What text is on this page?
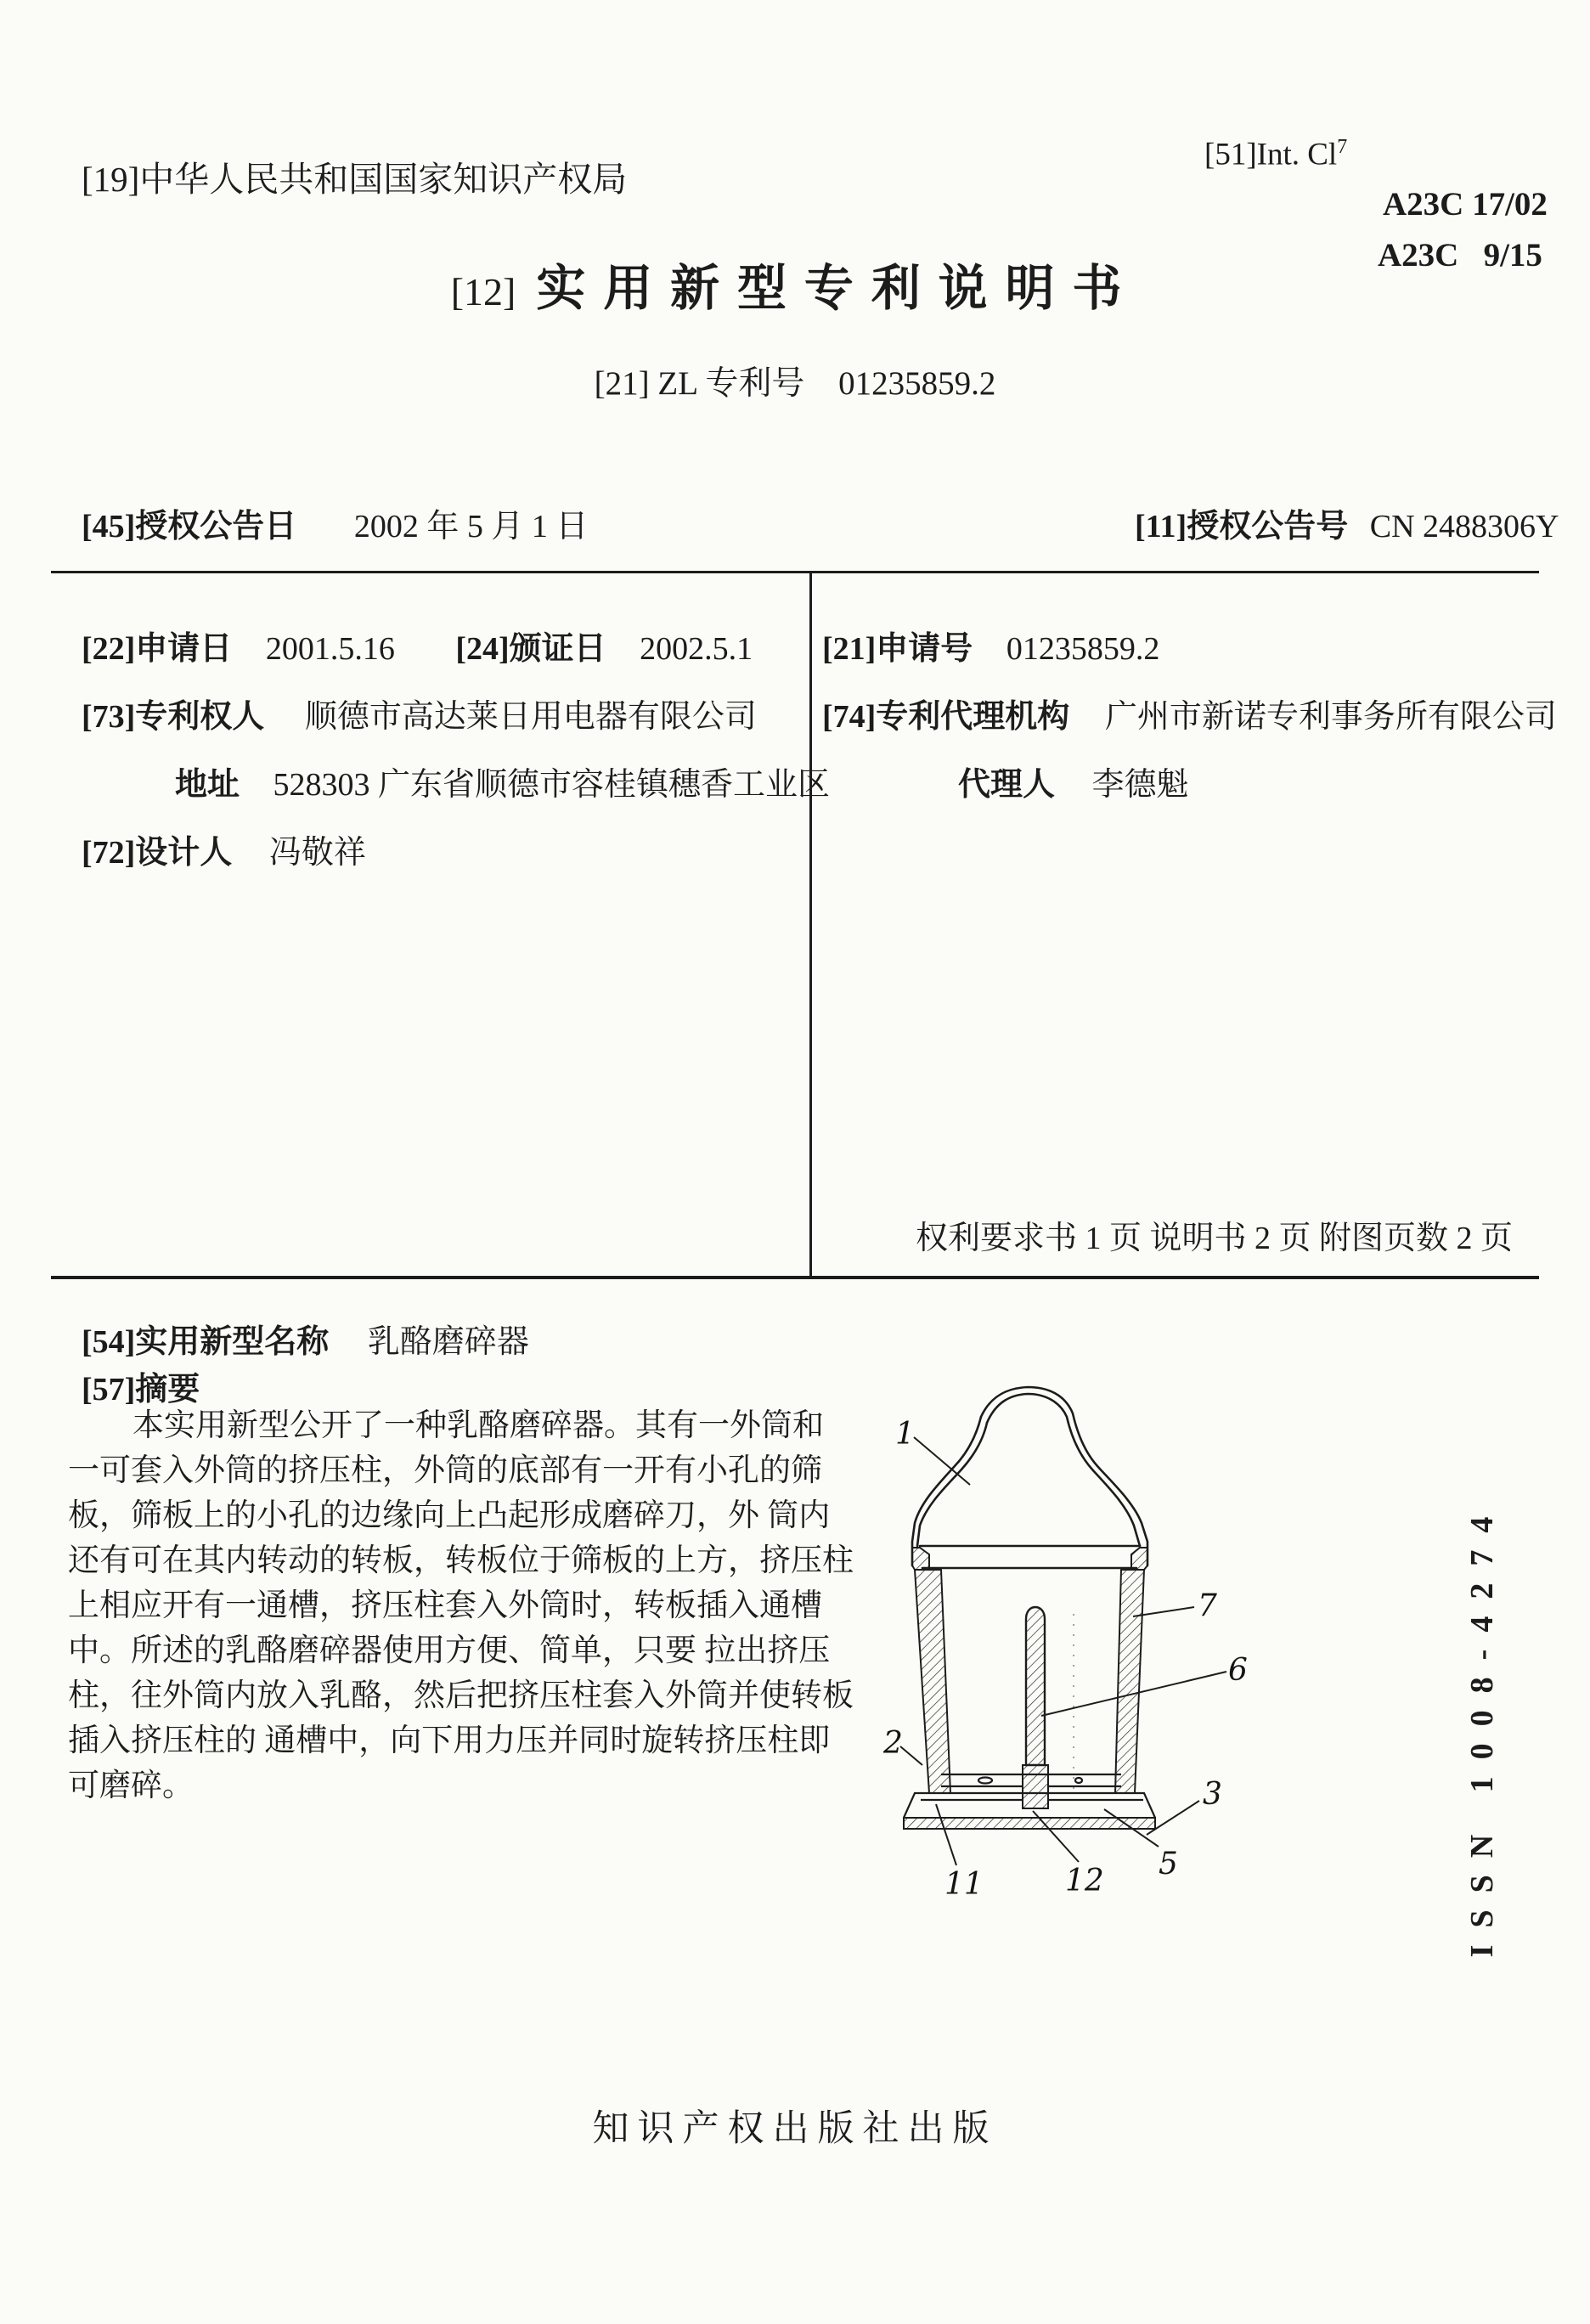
[19]中华人民共和国国家知识产权局
[51]Int. Cl$^7$
A23C 17/02
A23C   9/15
[12] 实用新型专利说明书
[21] ZL 专利号 01235859.2
[45]授权公告日 2002 年 5 月 1 日	[11]授权公告号 CN 2488306Y
[22]申请日 2001.5.16 [24]颁证日 2002.5.1
[73]专利权人 顺德市高达莱日用电器有限公司
地址 528303 广东省顺德市容桂镇穗香工业区
[72]设计人 冯敬祥
[21]申请号 01235859.2
[74]专利代理机构 广州市新诺专利事务所有限公司
代理人 李德魁
权利要求书 1 页 说明书 2 页 附图页数 2 页
[54]实用新型名称 乳酪磨碎器
[57]摘要
本实用新型公开了一种乳酪磨碎器。其有一外筒和
一可套入外筒的挤压柱，外筒的底部有一开有小孔的筛
板，筛板上的小孔的边缘向上凸起形成磨碎刀，外 筒内
还有可在其内转动的转板，转板位于筛板的上方，挤压柱
上相应开有一通槽，挤压柱套入外筒时，转板插入通槽
中。所述的乳酪磨碎器使用方便、简单，只要 拉出挤压
柱，往外筒内放入乳酪，然后把挤压柱套入外筒并使转板
插入挤压柱的 通槽中，向下用力压并同时旋转挤压柱即
可磨碎。
1
7
6
2
3
5
11	12	ISSN 1008-4274
知识产权出版社出版
